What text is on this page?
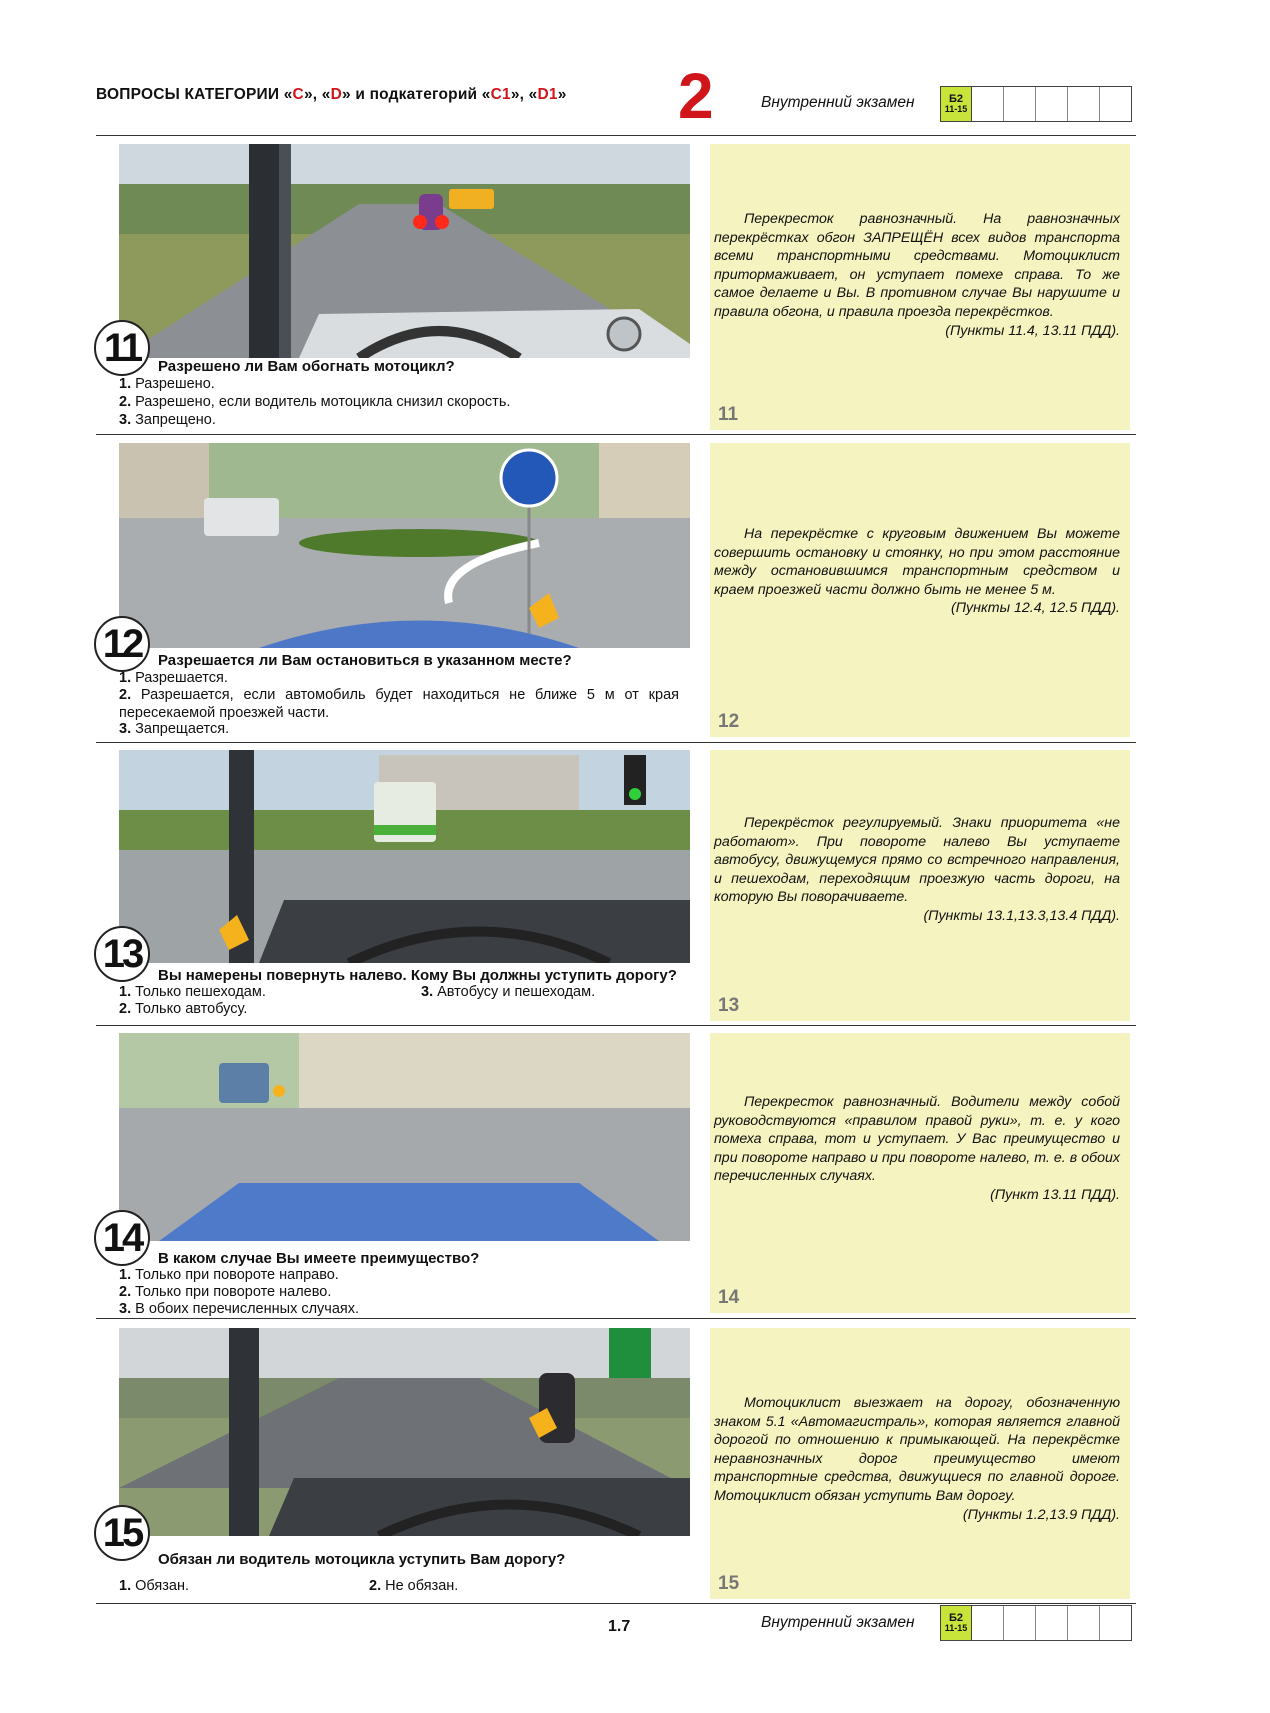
ВОПРОСЫ КАТЕГОРИИ «C», «D» и подкатегорий «C1», «D1» 2	Внутренний экзамен	Б2
11-15
11	Разрешено ли Вам обогнать мотоцикл?
1. Разрешено.
2. Разрешено, если водитель мотоцикла снизил скорость.
3. Запрещено.
Перекресток равнозначный. На равнозначных перекрёстках обгон ЗАПРЕЩЁН всех видов транспорта всеми транспортными средствами. Мотоциклист притормаживает, он уступает помехе справа. То же самое делаете и Вы. В противном случае Вы нарушите и правила обгона, и правила проезда перекрёстков.
(Пункты 11.4, 13.11 ПДД).
11
12	Разрешается ли Вам остановиться в указанном месте?
1. Разрешается.
2. Разрешается, если автомобиль будет находиться не ближе 5 м от края пересекаемой проезжей части.
3. Запрещается.
На перекрёстке с круговым движением Вы можете совершить остановку и стоянку, но при этом расстояние между остановившимся транспортным средством и краем проезжей части должно быть не менее 5 м.
(Пункты 12.4, 12.5 ПДД).
12
13	Вы намерены повернуть налево. Кому Вы должны уступить дорогу?
1. Только пешеходам.	3. Автобусу и пешеходам.
2. Только автобусу.
Перекрёсток регулируемый. Знаки приоритета «не работают». При повороте налево Вы уступаете автобусу, движущемуся прямо со встречного направления, и пешеходам, переходящим проезжую часть дороги, на которую Вы поворачиваете.
(Пункты 13.1,13.3,13.4 ПДД).
13
14	В каком случае Вы имеете преимущество?
1. Только при повороте направо.
2. Только при повороте налево.
3. В обоих перечисленных случаях.
Перекресток равнозначный. Водители между собой руководствуются «правилом правой руки», т. е. у кого помеха справа, тот и уступает. У Вас преимущество и при повороте направо и при повороте налево, т. е. в обоих перечисленных случаях.
(Пункт 13.11 ПДД).
14
15
Обязан ли водитель мотоцикла уступить Вам дорогу?
1. Обязан.	2. Не обязан.
Мотоциклист выезжает на дорогу, обозначенную знаком 5.1 «Автомагистраль», которая является главной дорогой по отношению к примыкающей. На перекрёстке неравнозначных дорог преимущество имеют транспортные средства, движущиеся по главной дороге. Мотоциклист обязан уступить Вам дорогу.
(Пункты 1.2,13.9 ПДД).
15
1.7	Внутренний экзамен	Б2
11-15
